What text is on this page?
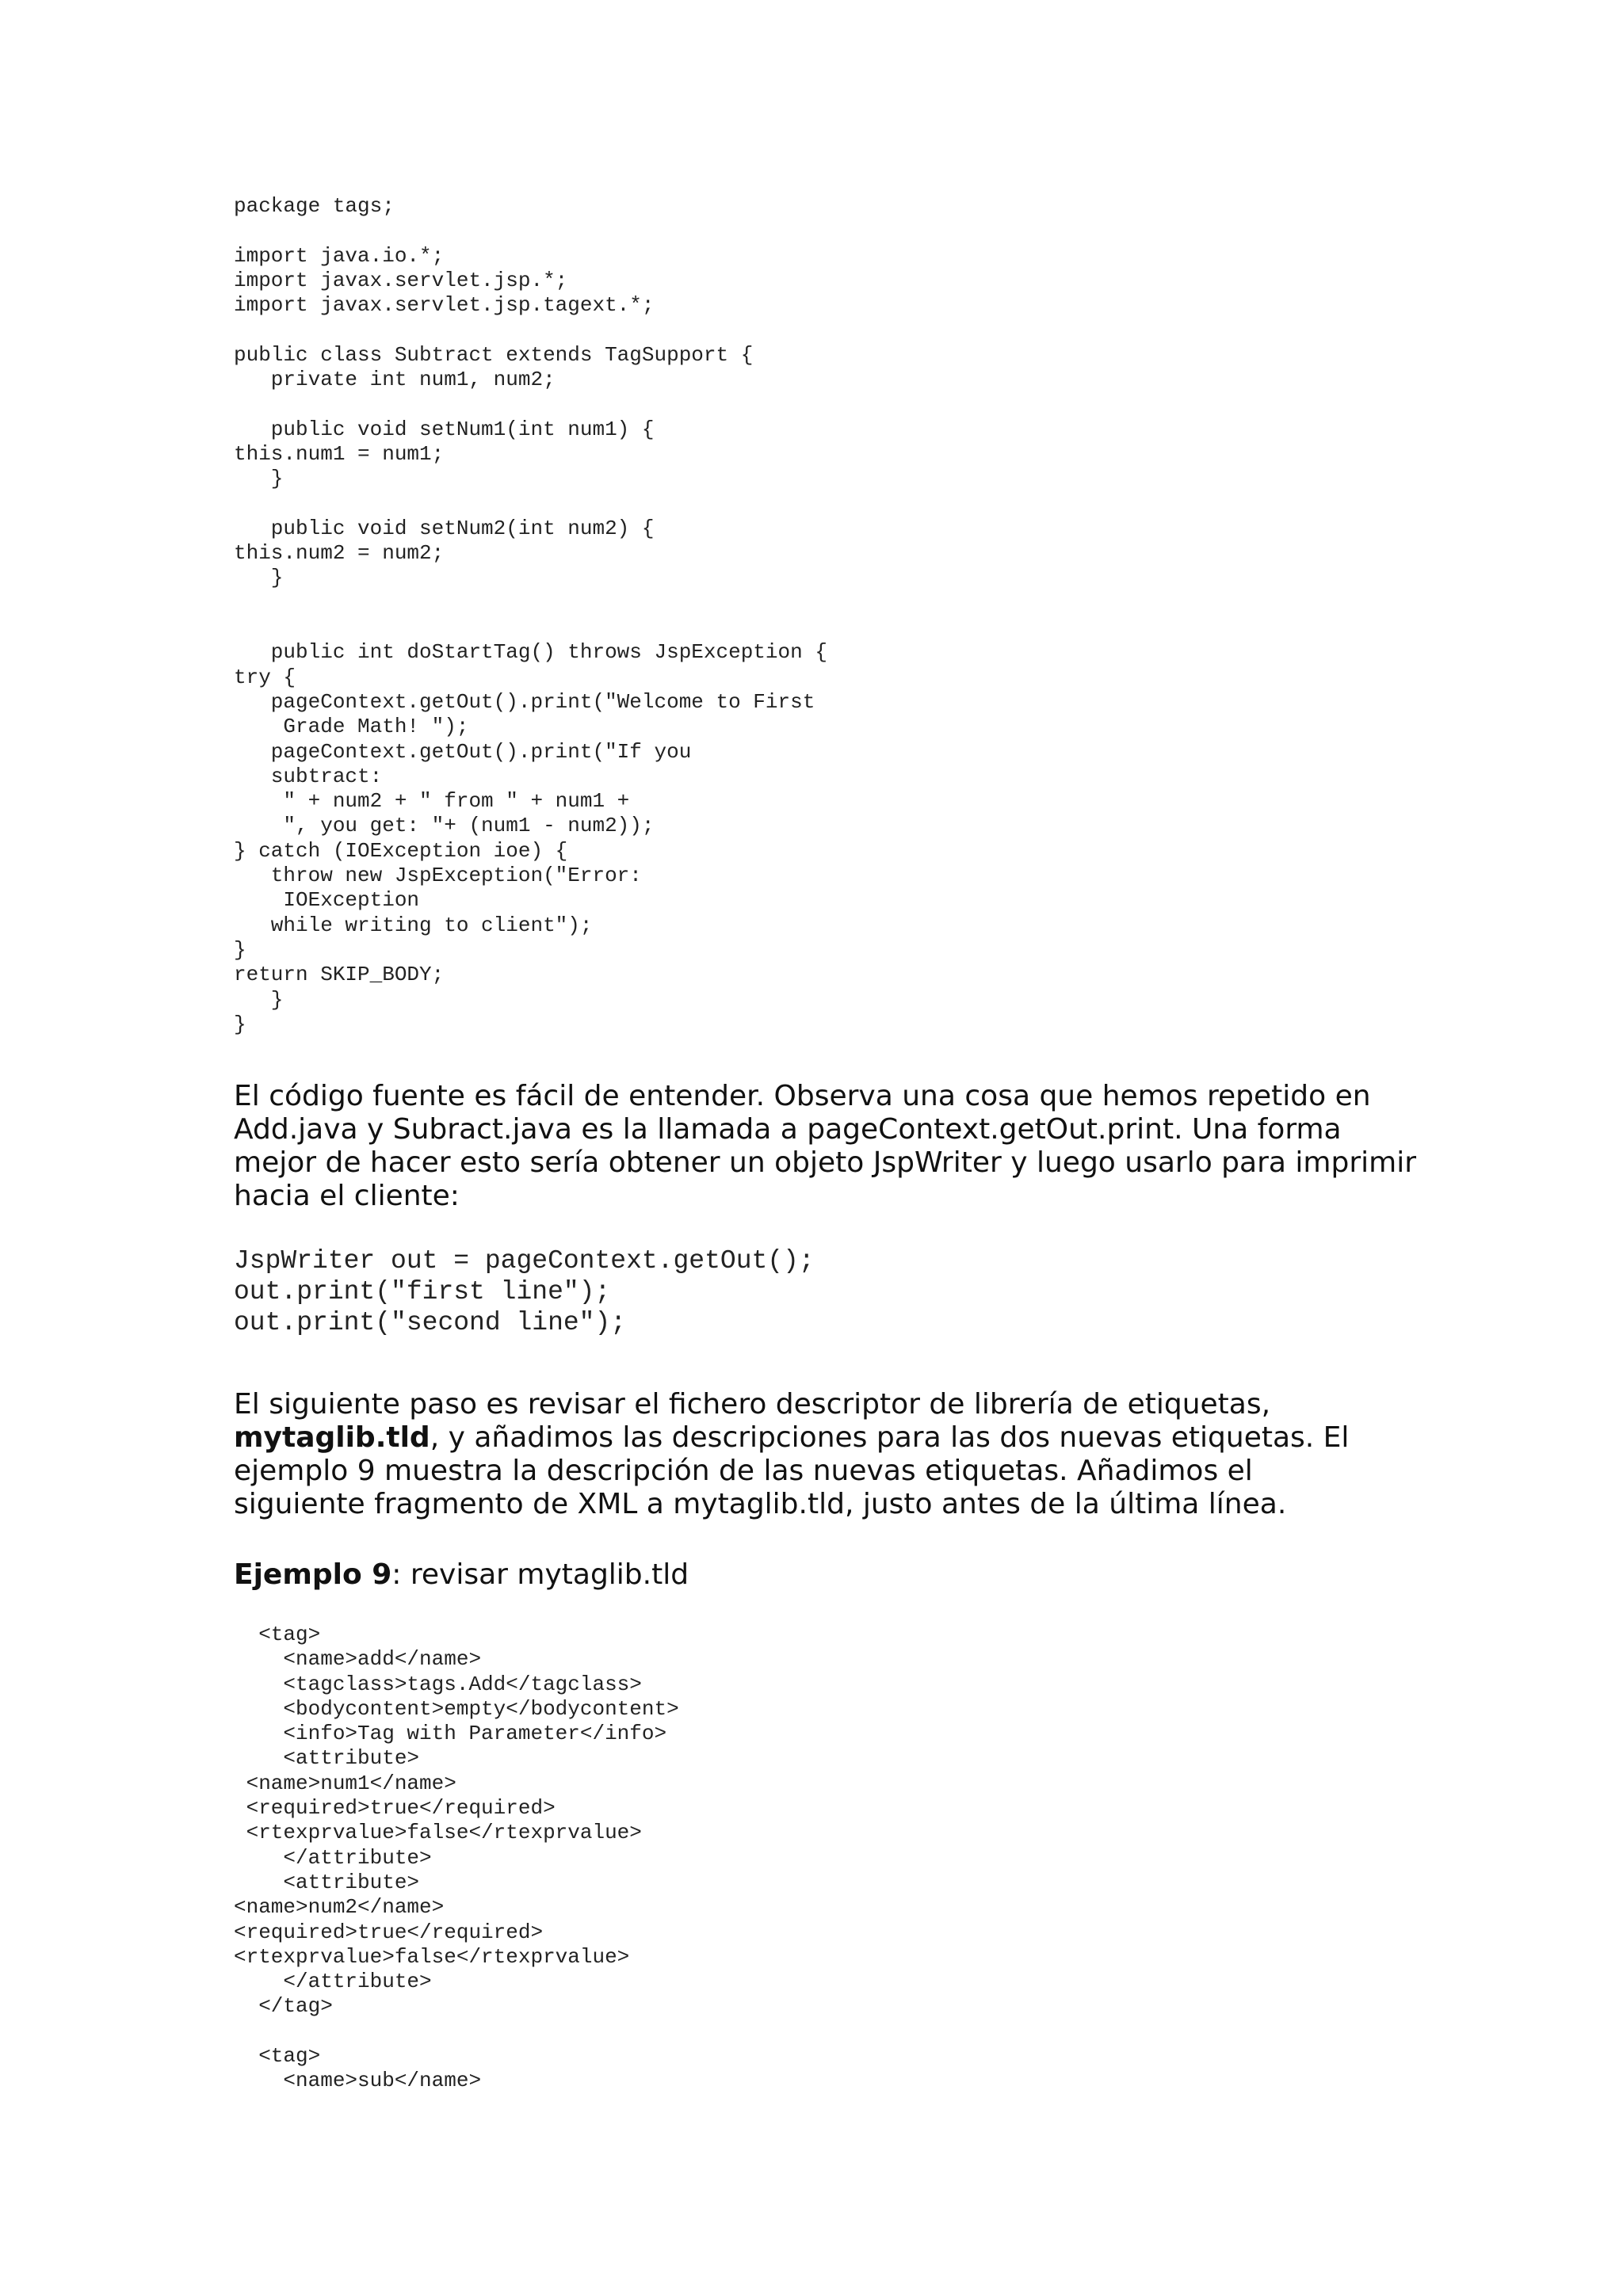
package tags;

import java.io.*;
import javax.servlet.jsp.*;
import javax.servlet.jsp.tagext.*;

public class Subtract extends TagSupport {
private int num1, num2;

public void setNum1(int num1) {
this.num1 = num1;
}

public void setNum2(int num2) {
this.num2 = num2;
}

public int doStartTag() throws JspException {
try {
pageContext.getOut().print("Welcome to First
Grade Math! ");
pageContext.getOut().print("If you
subtract:
" + num2 + " from " + num1 +
", you get: "+ (num1 - num2));
} catch (IOException ioe) {
throw new JspException("Error:
IOException
while writing to client");
}
return SKIP_BODY;
}
}

El código fuente es fácil de entender. Observa una cosa que hemos repetido en Add.java y Subract.java es la llamada a pageContext.getOut.print. Una forma mejor de hacer esto sería obtener un objeto JspWriter y luego usarlo para imprimir hacia el cliente:

JspWriter out = pageContext.getOut();
out.print("first line");
out.print("second line");

El siguiente paso es revisar el fichero descriptor de librería de etiquetas, mytaglib.tld, y añadimos las descripciones para las dos nuevas etiquetas. El ejemplo 9 muestra la descripción de las nuevas etiquetas. Añadimos el siguiente fragmento de XML a mytaglib.tld, justo antes de la última línea.

Ejemplo 9: revisar mytaglib.tld

<tag>
<name>add</name>
<tagclass>tags.Add</tagclass>
<bodycontent>empty</bodycontent>
<info>Tag with Parameter</info>
<attribute>
<name>num1</name>
<required>true</required>
<rtexprvalue>false</rtexprvalue>
</attribute>
<attribute>
<name>num2</name>
<required>true</required>
<rtexprvalue>false</rtexprvalue>
</attribute>
</tag>

<tag>
<name>sub</name>
